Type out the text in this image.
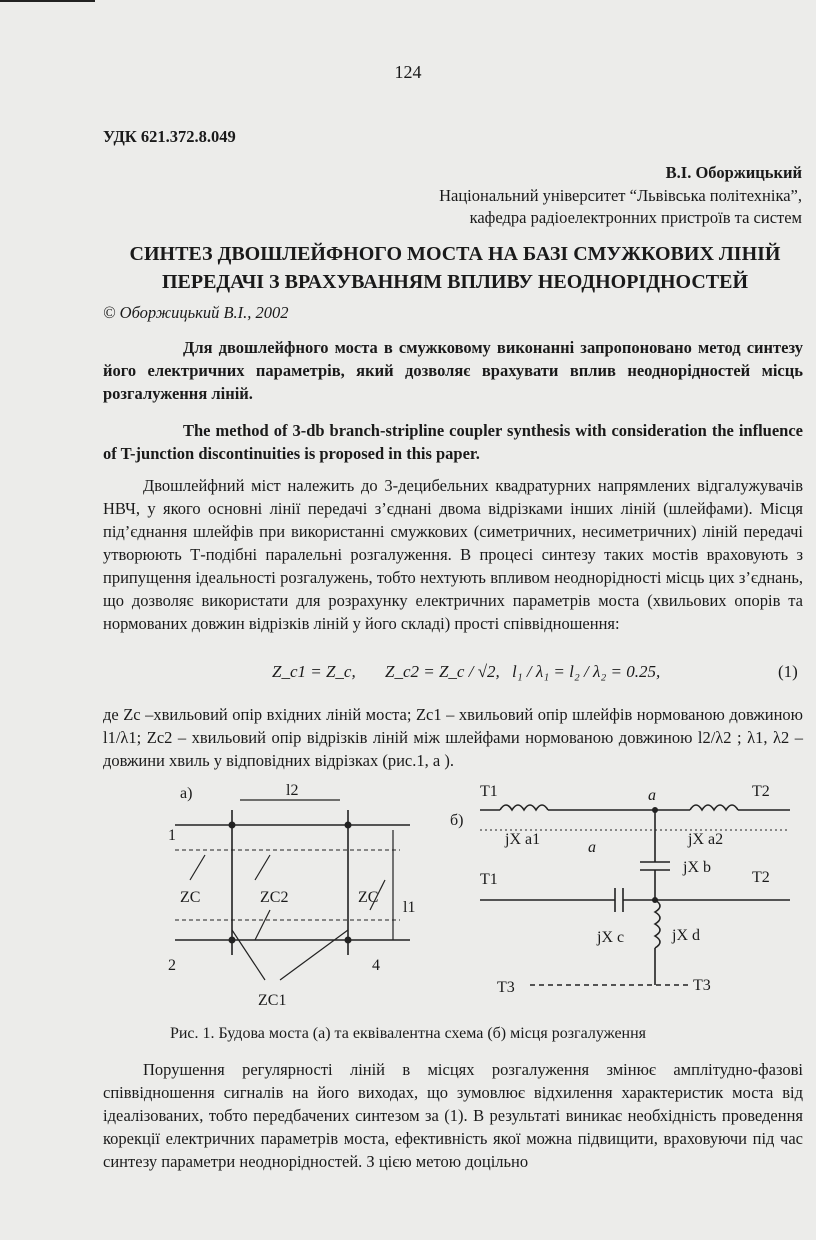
124
УДК 621.372.8.049
В.І. Оборжицький
Національний університет “Львівська політехніка”,
кафедра радіоелектронних пристроїв та систем
СИНТЕЗ ДВОШЛЕЙФНОГО МОСТА НА БАЗІ СМУЖКОВИХ ЛІНІЙ
ПЕРЕДАЧІ З ВРАХУВАННЯМ ВПЛИВУ НЕОДНОРІДНОСТЕЙ
© Оборжицький В.І., 2002
Для двошлейфного моста в смужковому виконанні запропоновано метод синтезу його електричних параметрів, який дозволяє врахувати вплив неоднорідностей місць розгалуження ліній.
The method of 3-db branch-stripline coupler synthesis with consideration the influence of T-junction discontinuities is proposed in this paper.
Двошлейфний міст належить до 3-децибельних квадратурних напрямлених відгалужувачів НВЧ, у якого основні лінії передачі з’єднані двома відрізками інших ліній (шлейфами). Місця під’єднання шлейфів при використанні смужкових (симетричних, несиметричних) ліній передачі утворюють Т-подібні паралельні розгалуження. В процесі синтезу таких мостів враховують з припущення ідеальності розгалужень, тобто нехтують впливом неоднорідності місць цих з’єднань, що дозволяє використати для розрахунку електричних параметрів моста (хвильових опорів та нормованих довжин відрізків ліній у його складі) прості співвідношення:
Z_c1 = Z_c, Z_c2 = Z_c / √2, l₁ / λ₁ = l₂ / λ₂ = 0.25,	(1)
де Zc –хвильовий опір вхідних ліній моста; Zc1 – хвильовий опір шлейфів нормованою довжиною l1/λ1; Zc2 – хвильовий опір відрізків ліній між шлейфами нормованою довжиною l2/λ2 ; λ1, λ2 – довжини хвиль у відповідних відрізках (рис.1, а ).
а)	l2
l1
1
2	4
ZC	ZC2	ZC
ZC1
б)
T1	T2
T1	T2
a
a
jX a1	jX a2
jX b
jX c	jX d
T3	T3
Рис. 1. Будова моста (а) та еквівалентна схема (б) місця розгалуження
Порушення регулярності ліній в місцях розгалуження змінює амплітудно-фазові співвідношення сигналів на його виходах, що зумовлює відхилення характеристик моста від ідеалізованих, тобто передбачених синтезом за (1). В результаті виникає необхідність проведення корекції електричних параметрів моста, ефективність якої можна підвищити, враховуючи під час синтезу параметри неоднорідностей. З цією метою доцільно
